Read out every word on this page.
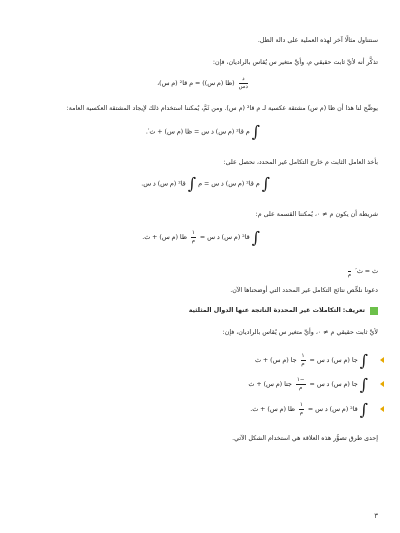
سنتناول مثالًا آخر لهذه العملية على دالة الظل.
تذكَّر أنه لأيِّ ثابت حقيقي م، وأيِّ متغير س يُقاس بالراديان، فإن:
$\frac{\text{د}}{\text{دس}}$
(ظا (م س)) = م قا² (م س)،
يوضِّح لنا هذا أن ظا (م س) مشتقة عكسية لـ م قا² (م س). ومن ثَمَّ، يُمكننا استخدام ذلك لإيجاد المشتقة العكسية العامة:
∫ م قا² (م س) د س = ظا (م س) + ث′.
بأخذ العامل الثابت م خارج التكامل غير المحدد، نحصل على:
∫ م قا² (م س) د س = م ∫ قا² (م س) د س.
شريطة أن يكون م ≠ ٠، يُمكننا القسمة على م:
∫ قا² (م س) د س =
$\frac{١}{\text{م}}$
ظا (م س) + ث.
ث = ث′

م
دعونا نلخِّص نتائج التكامل غير المحدد التي أوضحناها الآن.
تعريف: التكاملات غير المحددة الناتجة عنها الدوال المثلثية
لأيِّ ثابت حقيقي م ≠ ٠، وأيِّ متغير س يُقاس بالراديان، فإن:
∫ جا (م س) د س =
$\frac{١}{\text{م}}$
جا (م س) + ث
∫ جا (م س) د س =
$\frac{-١}{\text{م}}$
جتا (م س) + ث
∫ قا² (م س) د س =
$\frac{١}{\text{م}}$
ظا (م س) + ث.
إحدى طرق تصوُّر هذه العلاقة هي استخدام الشكل الآتي.
٣
